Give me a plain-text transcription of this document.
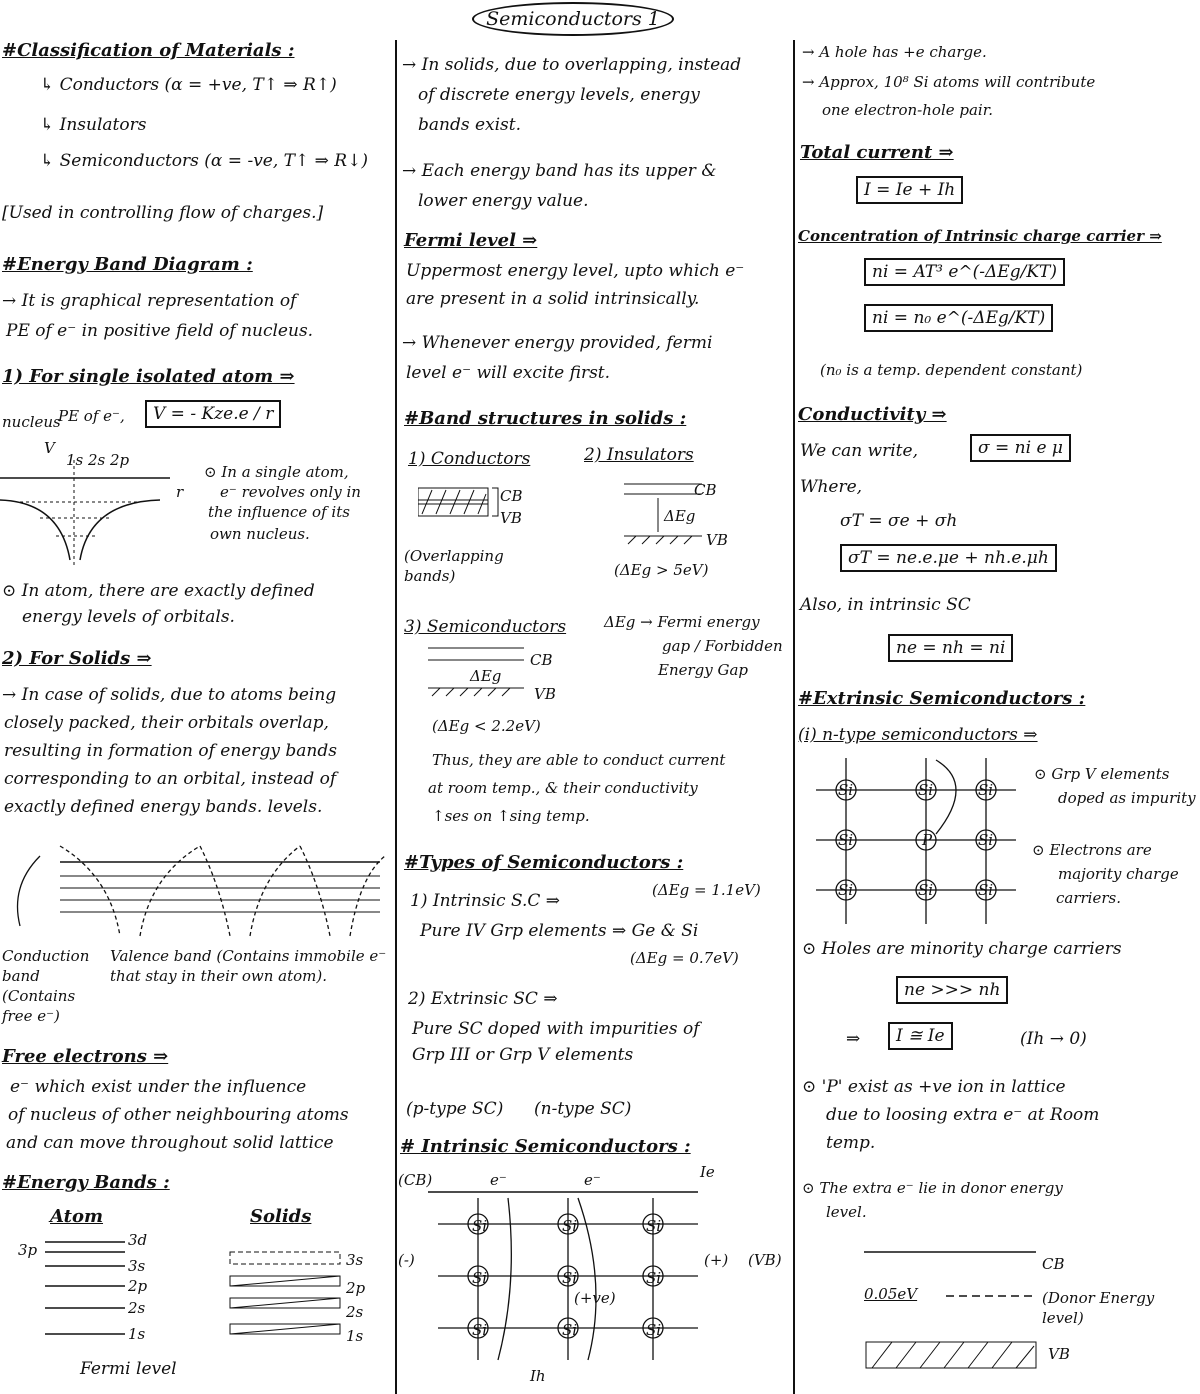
Semiconductors 1
#Classification of Materials :
↳ Conductors (α = +ve, T↑ ⇒ R↑)
↳ Insulators
↳ Semiconductors (α = -ve, T↑ ⇒ R↓)
[Used in controlling flow of charges.]
#Energy Band Diagram :
→ It is graphical representation of
PE of e⁻ in positive field of nucleus.
1) For single isolated atom ⇒
nucleus
PE of e⁻,	V = - Kze.e / r
V
1s 2s 2p
r
⊙ In a single atom,
e⁻ revolves only in
the influence of its
own nucleus.
⊙ In atom, there are exactly defined
energy levels of orbitals.
2) For Solids ⇒
→ In case of solids, due to atoms being
closely packed, their orbitals overlap,
resulting in formation of energy bands
corresponding to an orbital, instead of
exactly defined energy bands. levels.
Conduction band (Contains free e⁻)
Valence band (Contains immobile e⁻ that stay in their own atom).
Free electrons ⇒
e⁻ which exist under the influence
of nucleus of other neighbouring atoms
and can move throughout solid lattice
#Energy Bands :
Atom	Solids
3d
3p
3s
2p
2s
1s
3s
2p
2s
1s
Fermi level
→ In solids, due to overlapping, instead
of discrete energy levels, energy
bands exist.
→ Each energy band has its upper &
lower energy value.
Fermi level ⇒
Uppermost energy level, upto which e⁻
are present in a solid intrinsically.
→ Whenever energy provided, fermi
level e⁻ will excite first.
#Band structures in solids :
1) Conductors	2) Insulators
CB
VB
(Overlapping bands)
CB
ΔEg
VB
(ΔEg > 5eV)
3) Semiconductors	ΔEg → Fermi energy
gap / Forbidden
Energy Gap
CB
ΔEg
VB
(ΔEg < 2.2eV)
Thus, they are able to conduct current
at room temp., & their conductivity
↑ses on ↑sing temp.
#Types of Semiconductors :
1) Intrinsic S.C ⇒
(ΔEg = 1.1eV)
Pure IV Grp elements ⇒ Ge & Si
(ΔEg = 0.7eV)
2) Extrinsic SC ⇒
Pure SC doped with impurities of
Grp III or Grp V elements
(p-type SC) (n-type SC)
# Intrinsic Semiconductors :
(CB)	e⁻	e⁻	Ie
Si	Si	Si
Si	Si	Si
Si	Si	Si
(+ve)
(-)	(+) (VB)
Ih
→ A hole has +e charge.
→ Approx, 10⁸ Si atoms will contribute
one electron-hole pair.
Total current ⇒
I = Ie + Ih
Concentration of Intrinsic charge carrier ⇒
ni = AT³ e^(-ΔEg/KT)
ni = n₀ e^(-ΔEg/KT)
(n₀ is a temp. dependent constant)
Conductivity ⇒
We can write,	σ = ni e μ
Where,
σT = σe + σh
σT = ne.e.μe + nh.e.μh
Also, in intrinsic SC
ne = nh = ni
#Extrinsic Semiconductors :
(i) n-type semiconductors ⇒
Si	Si	Si
Si	P	Si
Si	Si	Si
⊙ Grp V elements
doped as impurity
⊙ Electrons are
majority charge
carriers.
⊙ Holes are minority charge carriers
ne >>> nh
⇒	I ≅ Ie	(Ih → 0)
⊙ 'P' exist as +ve ion in lattice
due to loosing extra e⁻ at Room
temp.
⊙ The extra e⁻ lie in donor energy
level.
CB
0.05eV	(Donor Energy level)
VB
